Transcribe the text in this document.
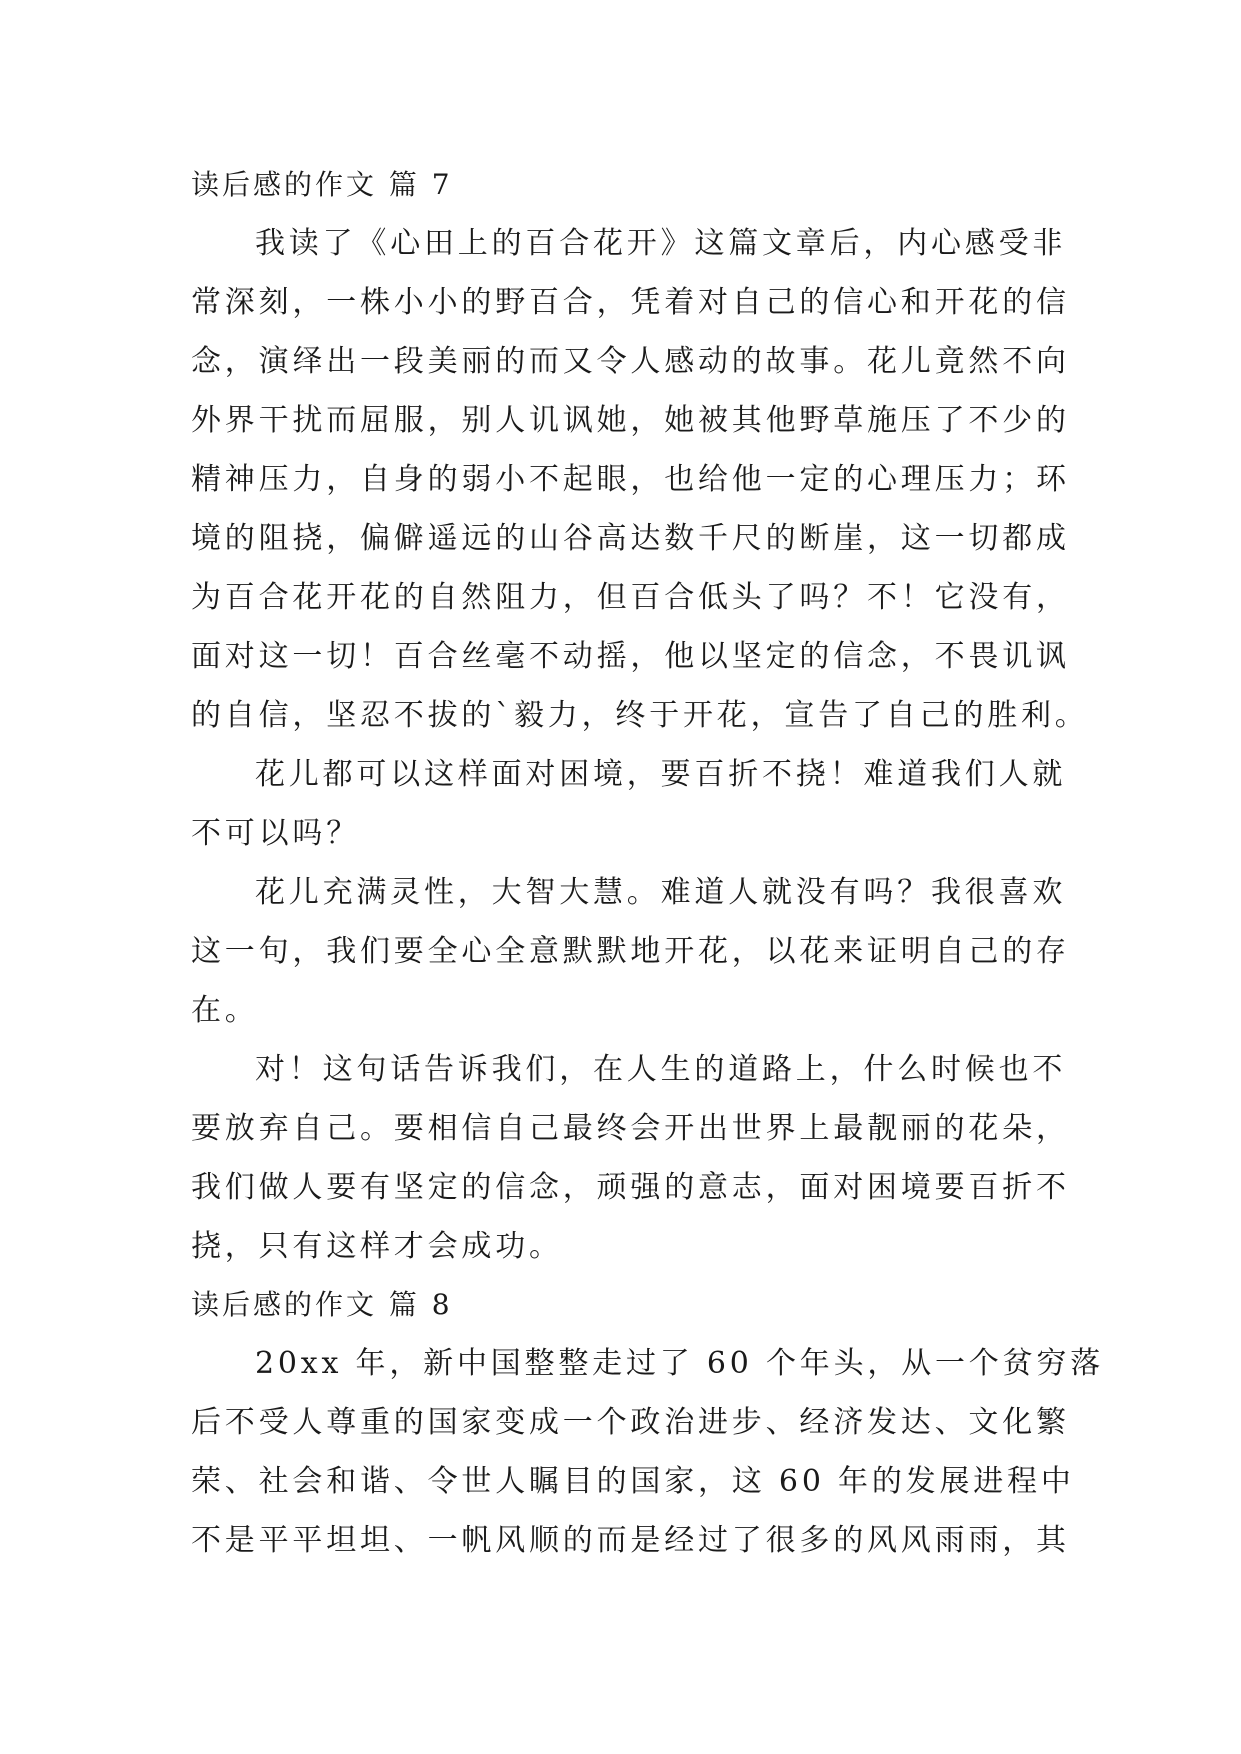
读后感的作文 篇 7
我读了《心田上的百合花开》这篇文章后，内心感受非
常深刻，一株小小的野百合，凭着对自己的信心和开花的信
念，演绎出一段美丽的而又令人感动的故事。花儿竟然不向
外界干扰而屈服，别人讥讽她，她被其他野草施压了不少的
精神压力，自身的弱小不起眼，也给他一定的心理压力；环
境的阻挠，偏僻遥远的山谷高达数千尺的断崖，这一切都成
为百合花开花的自然阻力，但百合低头了吗？不！它没有，
面对这一切！百合丝毫不动摇，他以坚定的信念，不畏讥讽
的自信，坚忍不拔的`毅力，终于开花，宣告了自己的胜利。
花儿都可以这样面对困境，要百折不挠！难道我们人就
不可以吗？
花儿充满灵性，大智大慧。难道人就没有吗？我很喜欢
这一句，我们要全心全意默默地开花，以花来证明自己的存
在。
对！这句话告诉我们，在人生的道路上，什么时候也不
要放弃自己。要相信自己最终会开出世界上最靓丽的花朵，
我们做人要有坚定的信念，顽强的意志，面对困境要百折不
挠，只有这样才会成功。
读后感的作文 篇 8
20xx 年，新中国整整走过了 60 个年头，从一个贫穷落
后不受人尊重的国家变成一个政治进步、经济发达、文化繁
荣、社会和谐、令世人瞩目的国家，这 60 年的发展进程中
不是平平坦坦、一帆风顺的而是经过了很多的风风雨雨，其
